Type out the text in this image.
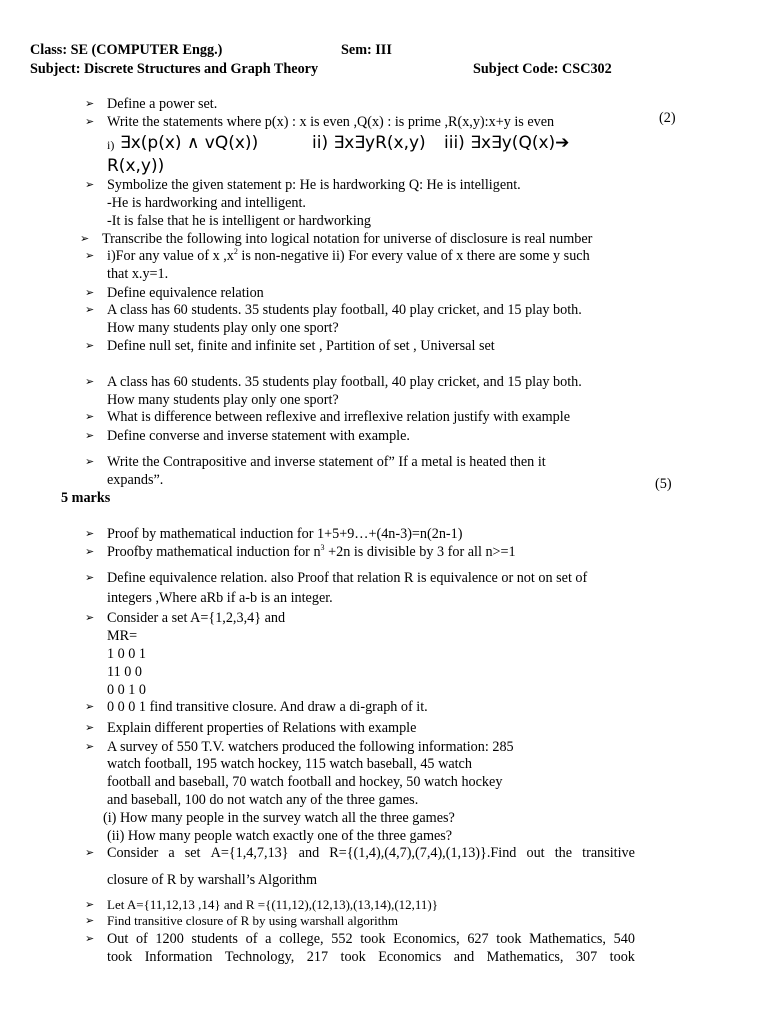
Class: SE (COMPUTER Engg.)	Sem: III
Subject: Discrete Structures and Graph Theory	Subject Code: CSC302
(2)
(5)
5 marks
➢ Define a power set.
➢ Write the statements where p(x) : x is even ,Q(x) : is prime ,R(x,y):x+y is even
i) ∃x(p(x) ∧ vQ(x))	ii) ∃x∃yR(x,y) iii) ∃x∃y(Q(x)➔
R(x,y))
➢ Symbolize the given statement p: He is hardworking Q: He is intelligent.
-He is hardworking and intelligent.
-It is false that he is intelligent or hardworking
➢ Transcribe the following into logical notation for universe of disclosure is real number
➢ i)For any value of x $,x^2$ is non-negative ii) For every value of x there are some y such
that x.y=1.
➢ Define equivalence relation
➢ A class has 60 students. 35 students play football, 40 play cricket, and 15 play both.
How many students play only one sport?
➢ Define null set, finite and infinite set , Partition of set , Universal set
➢ A class has 60 students. 35 students play football, 40 play cricket, and 15 play both.
How many students play only one sport?
➢ What is difference between reflexive and irreflexive relation justify with example
➢ Define converse and inverse statement with example.
➢ Write the Contrapositive and inverse statement of” If a metal is heated then it
expands”.
➢ Proof by mathematical induction for 1+5+9…+(4n-3)=n(2n-1)
➢ Proofby mathematical induction for $n^3 +2n$ is divisible by 3 for all n>=1
➢ Define equivalence relation. also Proof that relation R is equivalence or not on set of
integers ,Where aRb if a-b is an integer.
➢ Consider a set A={1,2,3,4} and
MR=
1 0 0 1
11 0 0
0 0 1 0
➢ 0 0 0 1 find transitive closure. And draw a di-graph of it.
➢ Explain different properties of Relations with example
➢ A survey of 550 T.V. watchers produced the following information: 285
watch football, 195 watch hockey, 115 watch baseball, 45 watch
football and baseball, 70 watch football and hockey, 50 watch hockey
and baseball, 100 do not watch any of the three games.
(i) How many people in the survey watch all the three games?
(ii) How many people watch exactly one of the three games?
➢ Consider a set A={1,4,7,13} and R={(1,4),(4,7),(7,4),(1,13)}.Find out the transitive
closure of R by warshall’s Algorithm
➢ Let A={11,12,13 ,14} and R ={(11,12),(12,13),(13,14),(12,11)}
➢ Find transitive closure of R by using warshall algorithm
➢ Out of 1200 students of a college, 552 took Economics, 627 took Mathematics, 540
took Information Technology, 217 took Economics and Mathematics, 307 took
